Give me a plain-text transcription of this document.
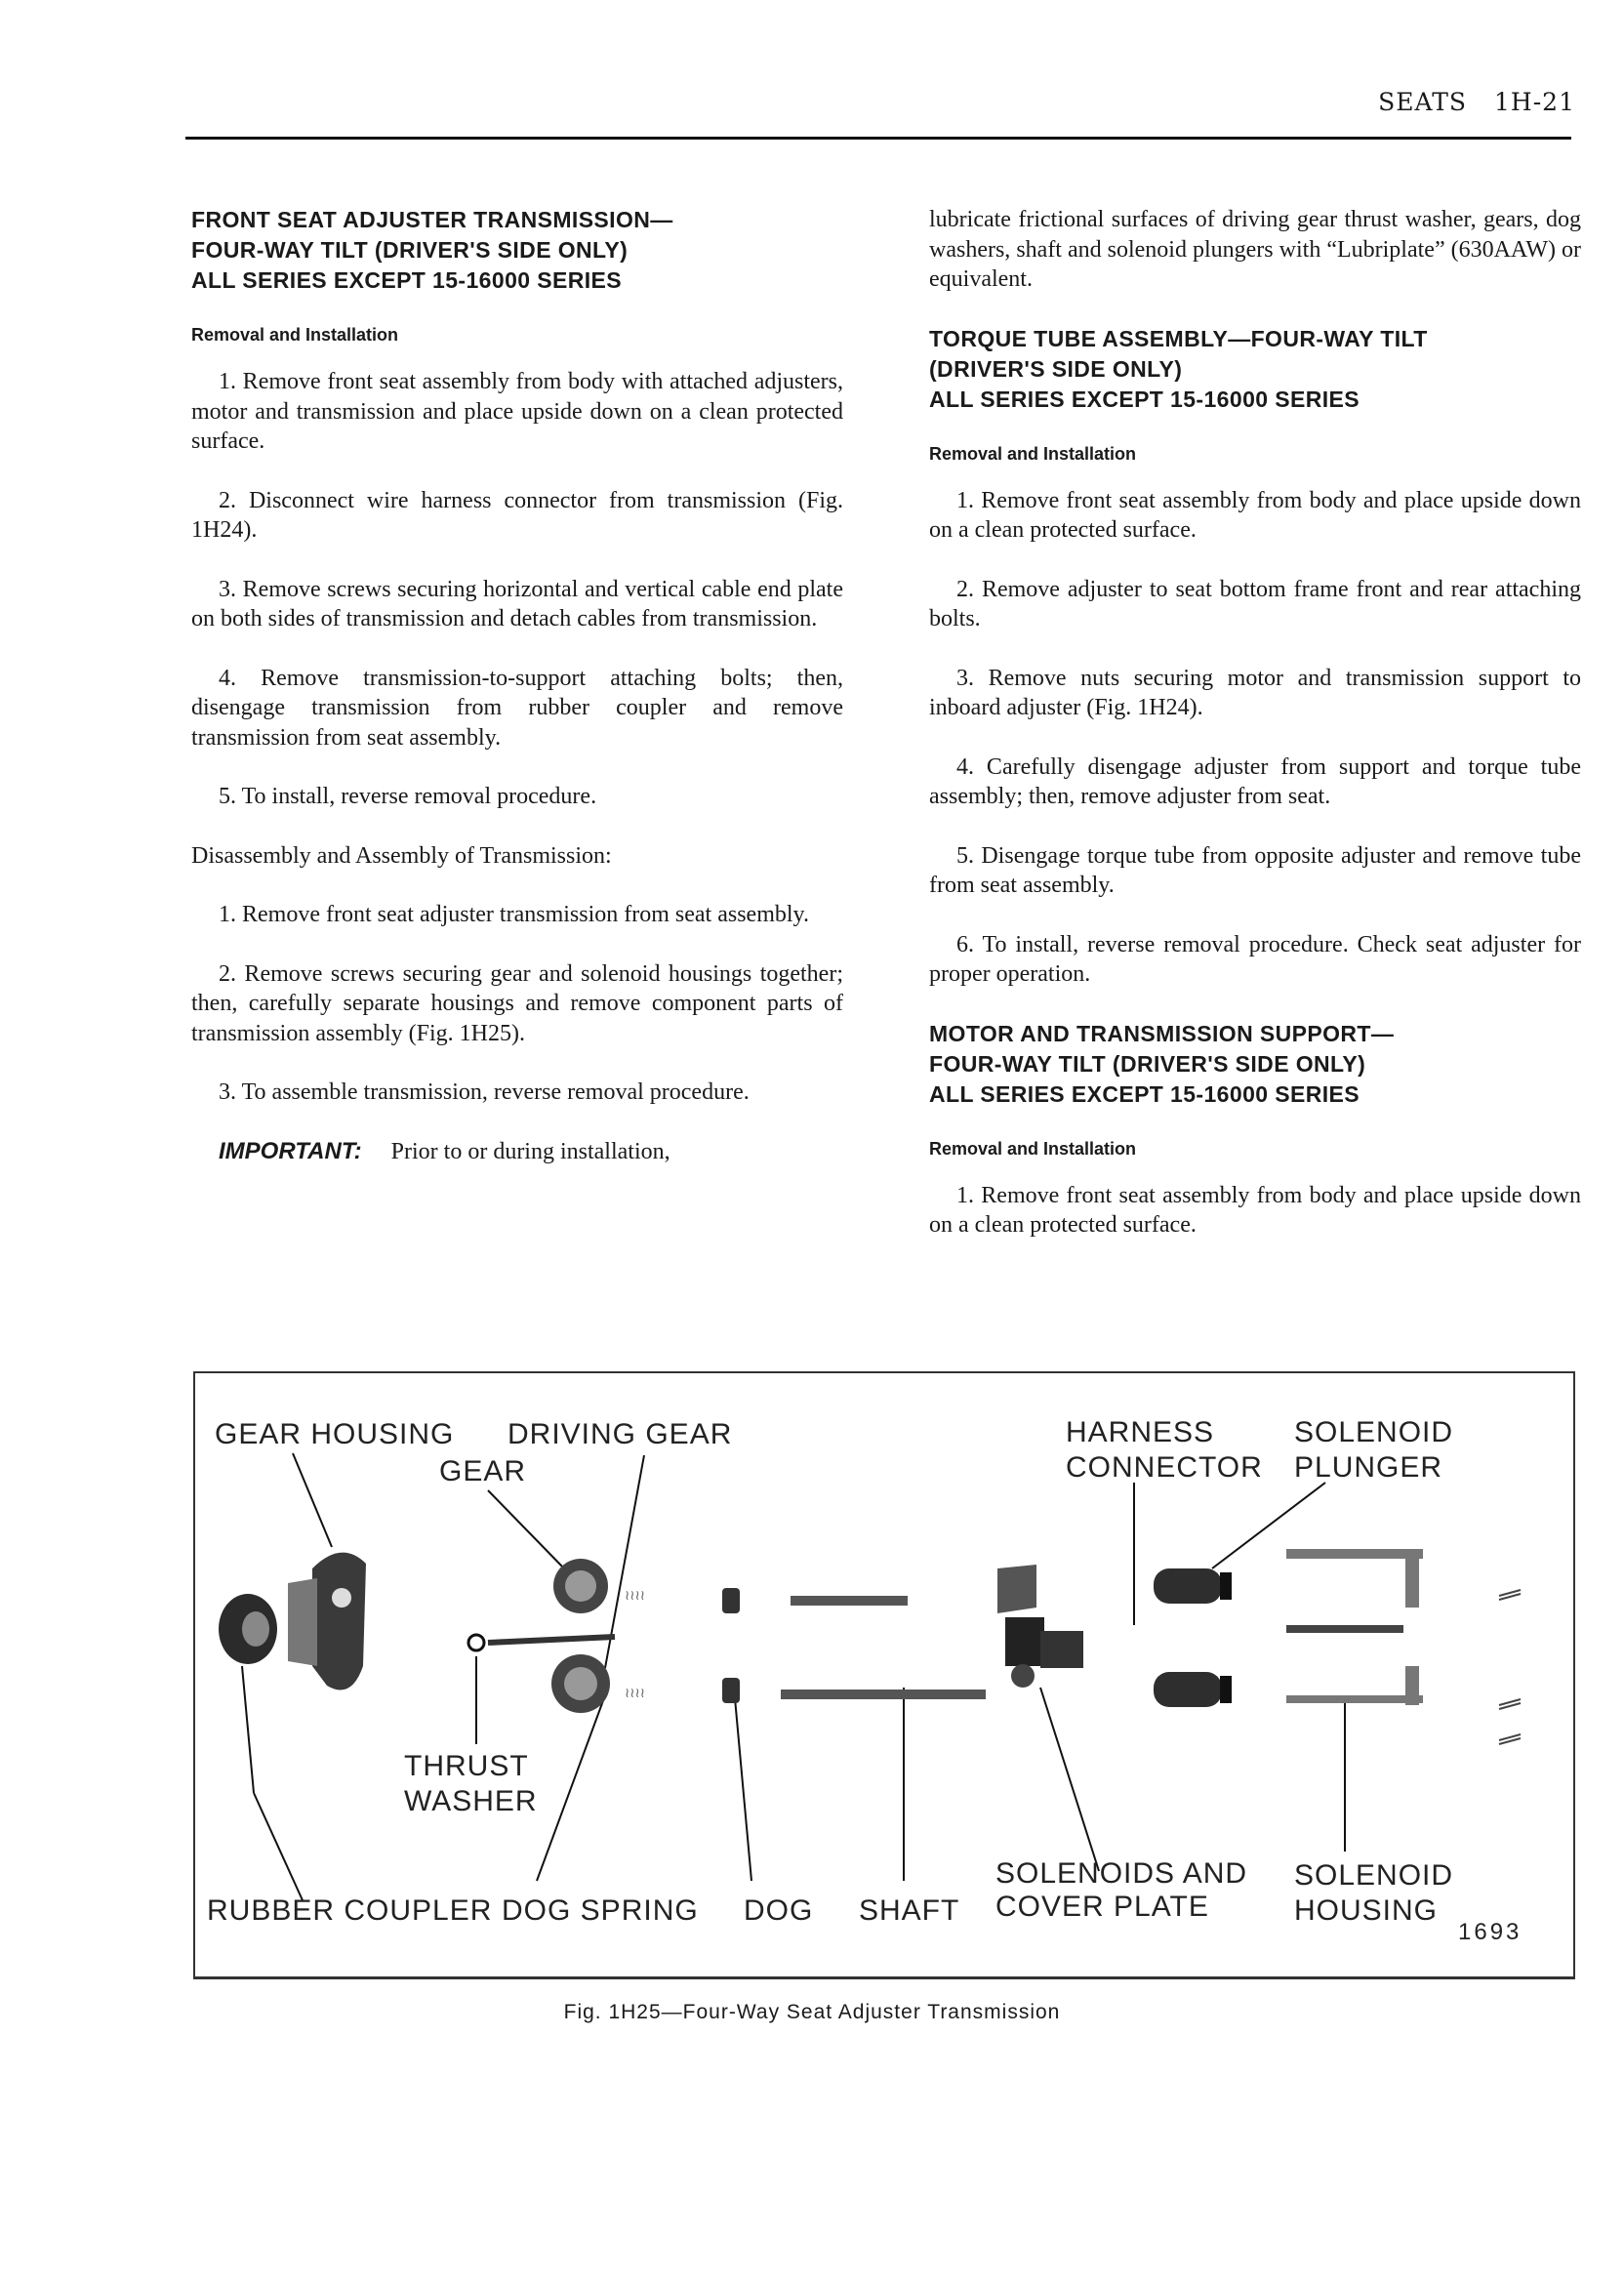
SEATS 1H-21
FRONT SEAT ADJUSTER TRANSMISSION—
FOUR-WAY TILT (DRIVER'S SIDE ONLY)
ALL SERIES EXCEPT 15-16000 SERIES
Removal and Installation

1. Remove front seat assembly from body with attached adjusters, motor and transmission and place upside down on a clean protected surface.

2. Disconnect wire harness connector from transmission (Fig. 1H24).

3. Remove screws securing horizontal and vertical cable end plate on both sides of transmission and detach cables from transmission.

4. Remove transmission-to-support attaching bolts; then, disengage transmission from rubber coupler and remove transmission from seat assembly.

5. To install, reverse removal procedure.

Disassembly and Assembly of Transmission:

1. Remove front seat adjuster transmission from seat assembly.

2. Remove screws securing gear and solenoid housings together; then, carefully separate housings and remove component parts of transmission assembly (Fig. 1H25).

3. To assemble transmission, reverse removal procedure.

IMPORTANT: Prior to or during installation,

lubricate frictional surfaces of driving gear thrust washer, gears, dog washers, shaft and solenoid plungers with “Lubriplate” (630AAW) or equivalent.

TORQUE TUBE ASSEMBLY—FOUR-WAY TILT
(DRIVER'S SIDE ONLY)
ALL SERIES EXCEPT 15-16000 SERIES
Removal and Installation

1. Remove front seat assembly from body and place upside down on a clean protected surface.

2. Remove adjuster to seat bottom frame front and rear attaching bolts.

3. Remove nuts securing motor and transmission support to inboard adjuster (Fig. 1H24).

4. Carefully disengage adjuster from support and torque tube assembly; then, remove adjuster from seat.

5. Disengage torque tube from opposite adjuster and remove tube from seat assembly.

6. To install, reverse removal procedure. Check seat adjuster for proper operation.

MOTOR AND TRANSMISSION SUPPORT—
FOUR-WAY TILT (DRIVER'S SIDE ONLY)
ALL SERIES EXCEPT 15-16000 SERIES
Removal and Installation

1. Remove front seat assembly from body and place upside down on a clean protected surface.

GEAR HOUSING DRIVING GEAR
GEAR
HARNESS
CONNECTOR
SOLENOID
PLUNGER
THRUST
WASHER
SOLENOIDS AND
COVER PLATE
SOLENOID
HOUSING
RUBBER COUPLER DOG SPRING DOG SHAFT
1693
≀≀≀≀
≀≀≀≀
Fig. 1H25—Four-Way Seat Adjuster Transmission
